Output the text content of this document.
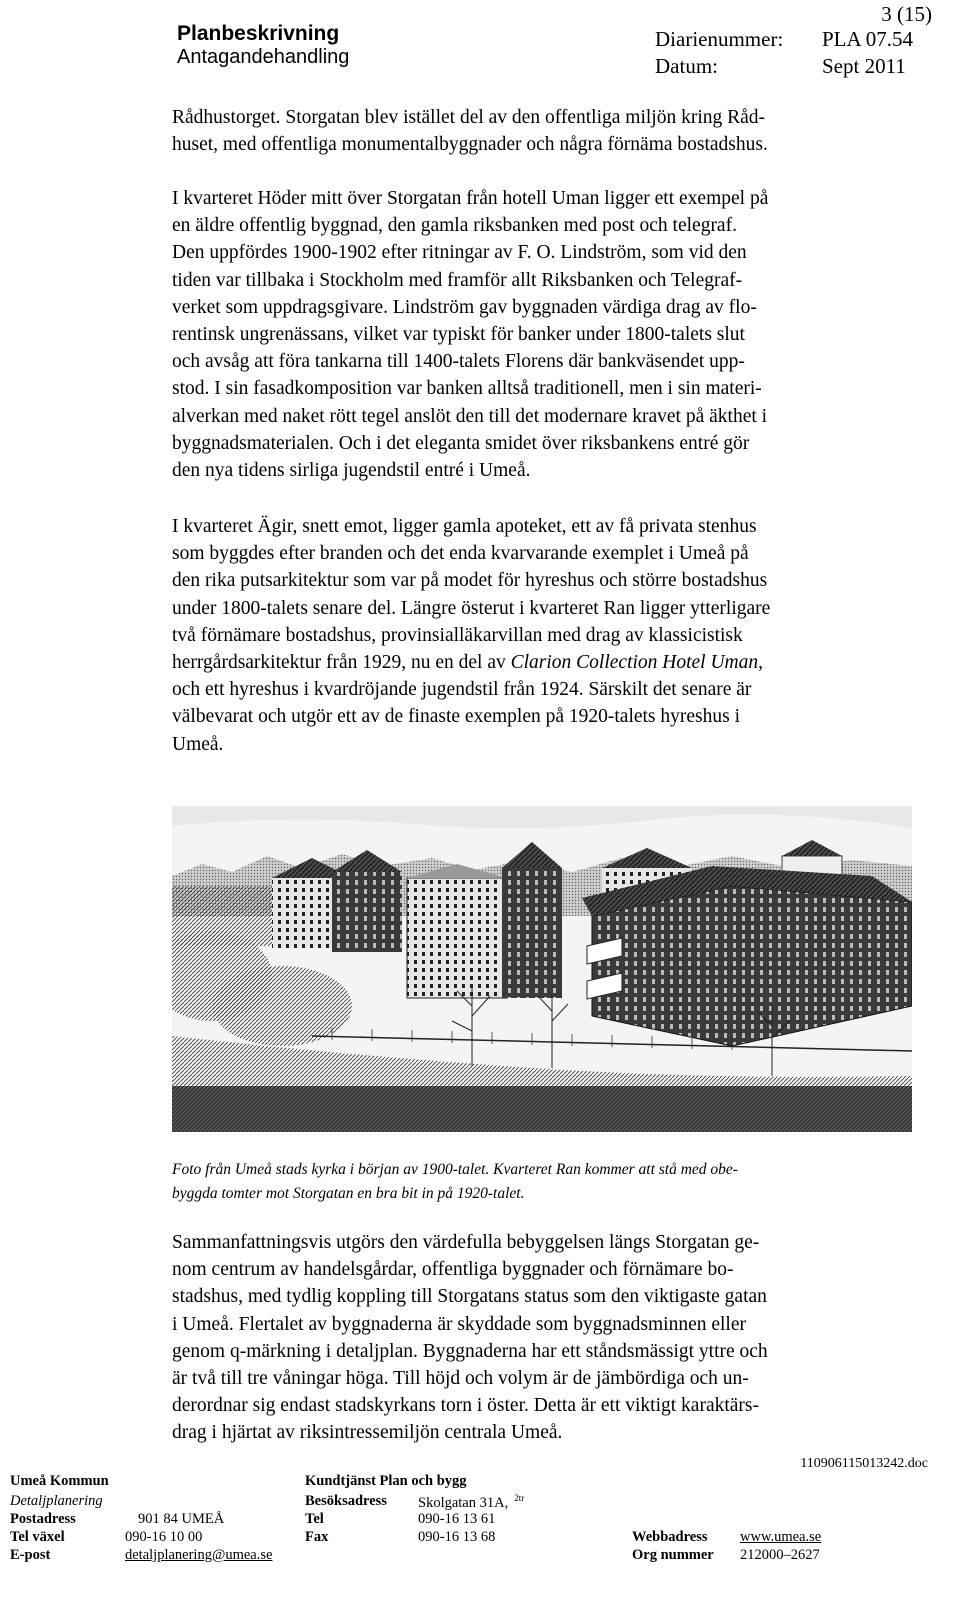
Planbeskrivning
Antagandehandling
3 (15)
Diarienummer: PLA 07.54
Datum:	Sept 2011
Rådhustorget. Storgatan blev istället del av den offentliga miljön kring Råd-
huset, med offentliga monumentalbyggnader och några förnäma bostadshus.
I kvarteret Höder mitt över Storgatan från hotell Uman ligger ett exempel på
en äldre offentlig byggnad, den gamla riksbanken med post och telegraf.
Den uppfördes 1900-1902 efter ritningar av F. O. Lindström, som vid den
tiden var tillbaka i Stockholm med framför allt Riksbanken och Telegraf-
verket som uppdragsgivare. Lindström gav byggnaden värdiga drag av flo-
rentinsk ungrenässans, vilket var typiskt för banker under 1800-talets slut
och avsåg att föra tankarna till 1400-talets Florens där bankväsendet upp-
stod. I sin fasadkomposition var banken alltså traditionell, men i sin materi-
alverkan med naket rött tegel anslöt den till det modernare kravet på äkthet i
byggnadsmaterialen. Och i det eleganta smidet över riksbankens entré gör
den nya tidens sirliga jugendstil entré i Umeå.
I kvarteret Ägir, snett emot, ligger gamla apoteket, ett av få privata stenhus
som byggdes efter branden och det enda kvarvarande exemplet i Umeå på
den rika putsarkitektur som var på modet för hyreshus och större bostadshus
under 1800-talets senare del. Längre österut i kvarteret Ran ligger ytterligare
två förnämare bostadshus, provinsialläkarvillan med drag av klassicistisk
herrgårdsarkitektur från 1929, nu en del av Clarion Collection Hotel Uman,
och ett hyreshus i kvardröjande jugendstil från 1924. Särskilt det senare är
välbevarat och utgör ett av de finaste exemplen på 1920-talets hyreshus i
Umeå.
Foto från Umeå stads kyrka i början av 1900-talet. Kvarteret Ran kommer att stå med obe-
byggda tomter mot Storgatan en bra bit in på 1920-talet.
Sammanfattningsvis utgörs den värdefulla bebyggelsen längs Storgatan ge-
nom centrum av handelsgårdar, offentliga byggnader och förnämare bo-
stadshus, med tydlig koppling till Storgatans status som den viktigaste gatan
i Umeå. Flertalet av byggnaderna är skyddade som byggnadsminnen eller
genom q-märkning i detaljplan. Byggnaderna har ett ståndsmässigt yttre och
är två till tre våningar höga. Till höjd och volym är de jämbördiga och un-
derordnar sig endast stadskyrkans torn i öster. Detta är ett viktigt karaktärs-
drag i hjärtat av riksintressemiljön centrala Umeå.
110906115013242.doc
Umeå Kommun
Detaljplanering
Postadress	901 84 UMEÅ
Tel växel	090-16 10 00
E-post	detaljplanering@umea.se
Kundtjänst Plan och bygg
Besöksadress Skolgatan 31A, $^{2tr}$
Tel	090-16 13 61
Fax	090-16 13 68	Webbadress www.umea.se
Org nummer 212000–2627
